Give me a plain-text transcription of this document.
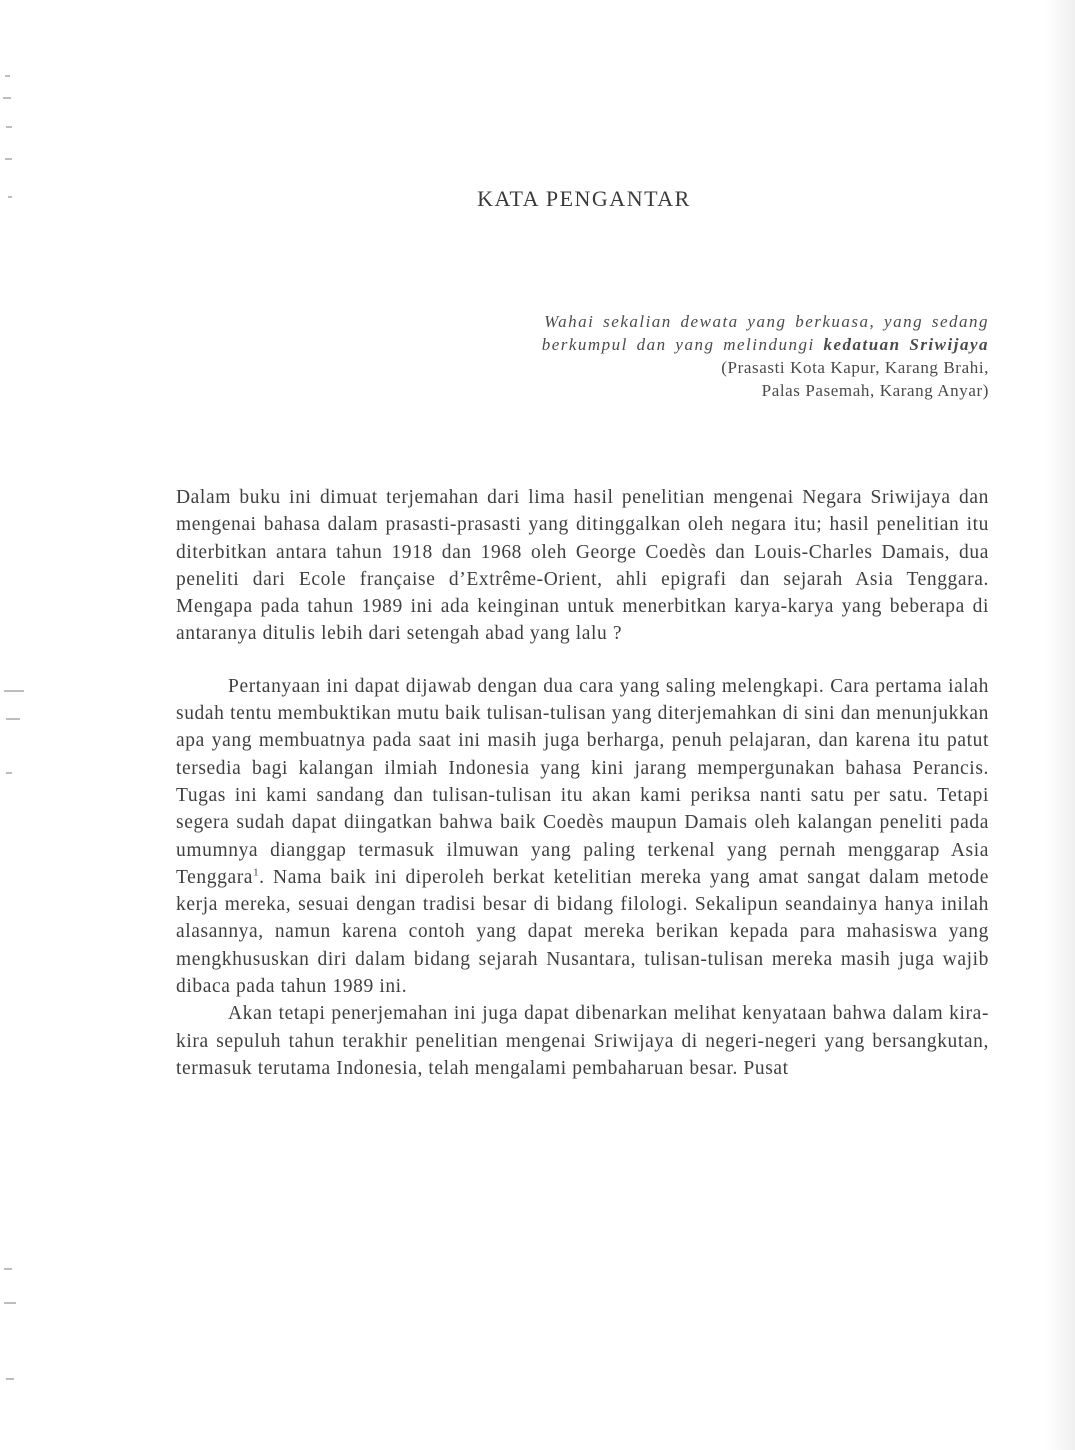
KATA PENGANTAR
Wahai sekalian dewata yang berkuasa, yang sedang
berkumpul dan yang melindungi kedatuan Sriwijaya
(Prasasti Kota Kapur, Karang Brahi,
Palas Pasemah, Karang Anyar)

Dalam buku ini dimuat terjemahan dari lima hasil penelitian mengenai Negara Sriwijaya dan mengenai bahasa dalam prasasti-prasasti yang ditinggalkan oleh negara itu; hasil penelitian itu diterbitkan antara tahun 1918 dan 1968 oleh George Coedès dan Louis-Charles Damais, dua peneliti dari Ecole française d’Extrême-Orient, ahli epigrafi dan sejarah Asia Tenggara. Mengapa pada tahun 1989 ini ada keinginan untuk menerbitkan karya-karya yang beberapa di antaranya ditulis lebih dari setengah abad yang lalu ?

Pertanyaan ini dapat dijawab dengan dua cara yang saling melengkapi. Cara pertama ialah sudah tentu membuktikan mutu baik tulisan-tulisan yang diterjemahkan di sini dan menunjukkan apa yang membuatnya pada saat ini masih juga berharga, penuh pelajaran, dan karena itu patut tersedia bagi kalangan ilmiah Indonesia yang kini jarang mempergunakan bahasa Perancis. Tugas ini kami sandang dan tulisan-tulisan itu akan kami periksa nanti satu per satu. Tetapi segera sudah dapat diingatkan bahwa baik Coedès maupun Damais oleh kalangan peneliti pada umumnya dianggap termasuk ilmuwan yang paling terkenal yang pernah menggarap Asia Tenggara$^1$. Nama baik ini diperoleh berkat ketelitian mereka yang amat sangat dalam metode kerja mereka, sesuai dengan tradisi besar di bidang filologi. Sekalipun seandainya hanya inilah alasannya, namun karena contoh yang dapat mereka berikan kepada para mahasiswa yang mengkhususkan diri dalam bidang sejarah Nusantara, tulisan-tulisan mereka masih juga wajib dibaca pada tahun 1989 ini.

Akan tetapi penerjemahan ini juga dapat dibenarkan melihat kenyataan bahwa dalam kira-kira sepuluh tahun terakhir penelitian mengenai Sriwijaya di negeri-negeri yang bersangkutan, termasuk terutama Indonesia, telah mengalami pembaharuan besar. Pusat
